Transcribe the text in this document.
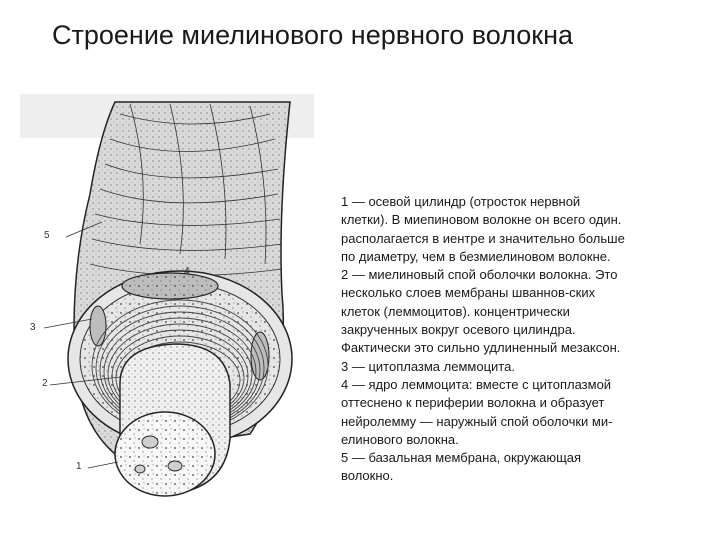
Строение миелинового нервного волокна
5
4
3
2
1
1 — осевой цилиндр (отросток нервной
клетки). В миепиновом волокне он всего один.
располагается в иентре и значительно больше
по диаметру, чем в безмиелиновом волокне.
2 — миелиновый спой оболочки волокна. Это
несколько слоев мембраны шваннов-ских
клеток (леммоцитов). концентрически
закрученных вокруг осевого цилиндра.
Фактически это сильно удлиненный мезаксон.
3 — цитоплазма леммоцита.
4 — ядро леммоцита: вместе с цитоплазмой
оттеснено к периферии волокна и образует
нейролемму — наружный спой оболочки ми-
елинового волокна.
5 — базальная мембрана, окружающая
волокно.
